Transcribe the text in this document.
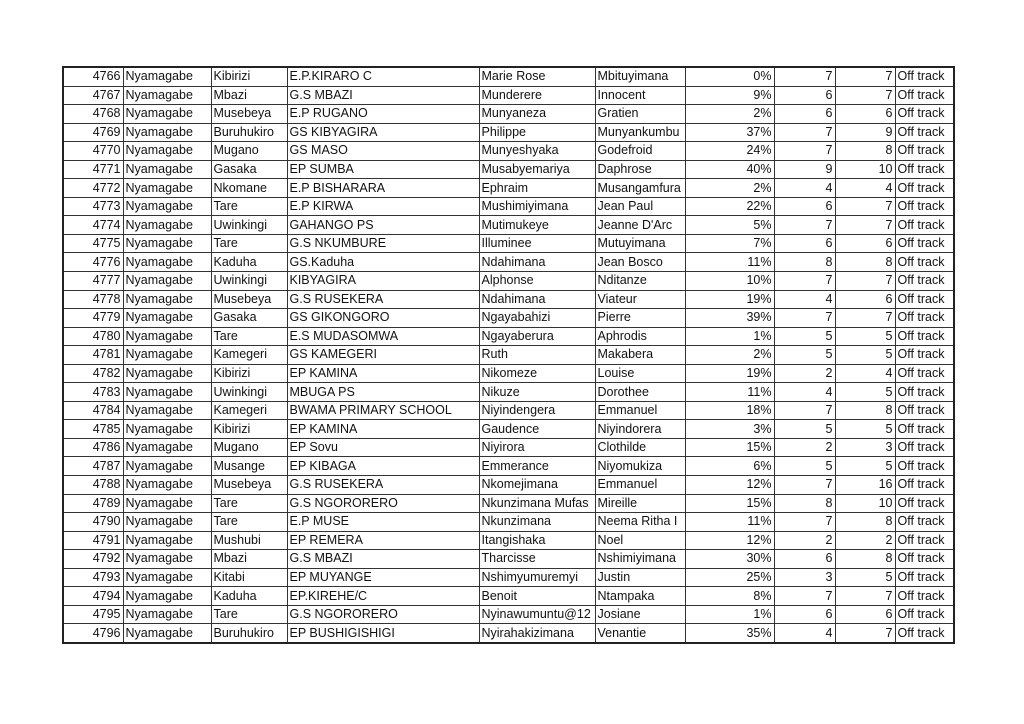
4766	Nyamagabe	Kibirizi	E.P.KIRARO C	Marie Rose	Mbituyimana	0%	7	7	Off track
4767	Nyamagabe	Mbazi	G.S MBAZI	Munderere	Innocent	9%	6	7	Off track
4768	Nyamagabe	Musebeya	E.P RUGANO	Munyaneza	Gratien	2%	6	6	Off track
4769	Nyamagabe	Buruhukiro	GS KIBYAGIRA	Philippe	Munyankumbu	37%	7	9	Off track
4770	Nyamagabe	Mugano	GS MASO	Munyeshyaka	Godefroid	24%	7	8	Off track
4771	Nyamagabe	Gasaka	EP SUMBA	Musabyemariya	Daphrose	40%	9	10	Off track
4772	Nyamagabe	Nkomane	E.P BISHARARA	Ephraim	Musangamfura	2%	4	4	Off track
4773	Nyamagabe	Tare	E.P KIRWA	Mushimiyimana	Jean Paul	22%	6	7	Off track
4774	Nyamagabe	Uwinkingi	GAHANGO PS	Mutimukeye	Jeanne D'Arc	5%	7	7	Off track
4775	Nyamagabe	Tare	G.S NKUMBURE	Illuminee	Mutuyimana	7%	6	6	Off track
4776	Nyamagabe	Kaduha	GS.Kaduha	Ndahimana	Jean Bosco	11%	8	8	Off track
4777	Nyamagabe	Uwinkingi	KIBYAGIRA	Alphonse	Nditanze	10%	7	7	Off track
4778	Nyamagabe	Musebeya	G.S RUSEKERA	Ndahimana	Viateur	19%	4	6	Off track
4779	Nyamagabe	Gasaka	GS GIKONGORO	Ngayabahizi	Pierre	39%	7	7	Off track
4780	Nyamagabe	Tare	E.S MUDASOMWA	Ngayaberura	Aphrodis	1%	5	5	Off track
4781	Nyamagabe	Kamegeri	GS KAMEGERI	Ruth	Makabera	2%	5	5	Off track
4782	Nyamagabe	Kibirizi	EP KAMINA	Nikomeze	Louise	19%	2	4	Off track
4783	Nyamagabe	Uwinkingi	MBUGA PS	Nikuze	Dorothee	11%	4	5	Off track
4784	Nyamagabe	Kamegeri	BWAMA PRIMARY SCHOOL	Niyindengera	Emmanuel	18%	7	8	Off track
4785	Nyamagabe	Kibirizi	EP KAMINA	Gaudence	Niyindorera	3%	5	5	Off track
4786	Nyamagabe	Mugano	EP Sovu	Niyirora	Clothilde	15%	2	3	Off track
4787	Nyamagabe	Musange	EP KIBAGA	Emmerance	Niyomukiza	6%	5	5	Off track
4788	Nyamagabe	Musebeya	G.S RUSEKERA	Nkomejimana	Emmanuel	12%	7	16	Off track
4789	Nyamagabe	Tare	G.S NGORORERO	Nkunzimana Mufas	Mireille	15%	8	10	Off track
4790	Nyamagabe	Tare	E.P MUSE	Nkunzimana	Neema Ritha I	11%	7	8	Off track
4791	Nyamagabe	Mushubi	EP REMERA	Itangishaka	Noel	12%	2	2	Off track
4792	Nyamagabe	Mbazi	G.S MBAZI	Tharcisse	Nshimiyimana	30%	6	8	Off track
4793	Nyamagabe	Kitabi	EP MUYANGE	Nshimyumuremyi	Justin	25%	3	5	Off track
4794	Nyamagabe	Kaduha	EP.KIREHE/C	Benoit	Ntampaka	8%	7	7	Off track
4795	Nyamagabe	Tare	G.S NGORORERO	Nyinawumuntu@12	Josiane	1%	6	6	Off track
4796	Nyamagabe	Buruhukiro	EP BUSHIGISHIGI	Nyirahakizimana	Venantie	35%	4	7	Off track
